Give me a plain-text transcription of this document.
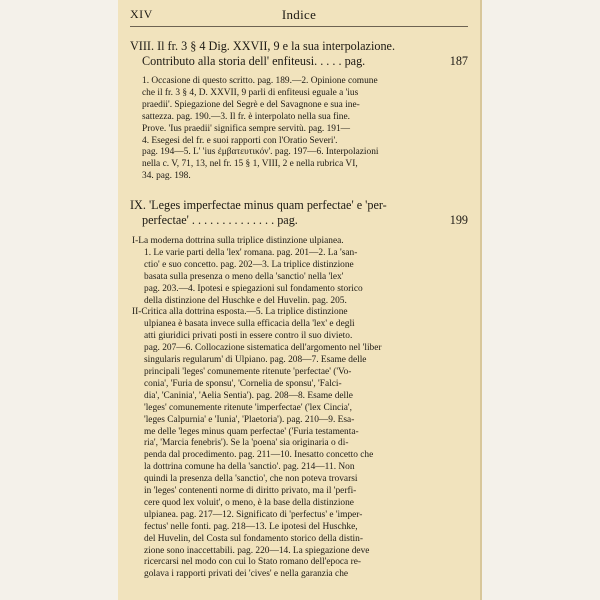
XIV	Indice
VIII. Il fr. 3 § 4 Dig. XXVII, 9 e la sua interpolazione.
Contributo alla storia dell' enfiteusi. . . . . pag.	187
1. Occasione di questo scritto. pag. 189.—2. Opinione comune
che il fr. 3 § 4, D. XXVII, 9 parli di enfiteusi eguale a 'ius
praedii'. Spiegazione del Segrè e del Savagnone e sua ine-
sattezza. pag. 190.—3. Il fr. è interpolato nella sua fine.
Prove. 'Ius praedii' significa sempre servitù. pag. 191—
4. Esegesi del fr. e suoi rapporti con l'Oratio Severi'.
pag. 194—5. L' 'ius ἐμβατευτικόν'. pag. 197—6. Interpolazioni
nella c. V, 71, 13, nel fr. 15 § 1, VIII, 2 e nella rubrica VI,
34. pag. 198.
IX. 'Leges imperfectae minus quam perfectae' e 'per-
perfectae' . . . . . . . . . . . . . . pag.	199
I-La moderna dottrina sulla triplice distinzione ulpianea.
1. Le varie parti della 'lex' romana. pag. 201—2. La 'san-
ctio' e suo concetto. pag. 202—3. La triplice distinzione
basata sulla presenza o meno della 'sanctio' nella 'lex'
pag. 203.—4. Ipotesi e spiegazioni sul fondamento storico
della distinzione del Huschke e del Huvelin. pag. 205.
II-Critica alla dottrina esposta.—5. La triplice distinzione
ulpianea è basata invece sulla efficacia della 'lex' e degli
atti giuridici privati posti in essere contro il suo divieto.
pag. 207—6. Collocazione sistematica dell'argomento nel 'liber
singularis regularum' di Ulpiano. pag. 208—7. Esame delle
principali 'leges' comunemente ritenute 'perfectae' ('Vo-
conia', 'Furia de sponsu', 'Cornelia de sponsu', 'Falci-
dia', 'Caninia', 'Aelia Sentia'). pag. 208—8. Esame delle
'leges' comunemente ritenute 'imperfectae' ('lex Cincia',
'leges Calpurnia' e 'Iunia', 'Plaetoria'). pag. 210—9. Esa-
me delle 'leges minus quam perfectae' ('Furia testamenta-
ria', 'Marcia fenebris'). Se la 'poena' sia originaria o di-
penda dal procedimento. pag. 211—10. Inesatto concetto che
la dottrina comune ha della 'sanctio'. pag. 214—11. Non
quindi la presenza della 'sanctio', che non poteva trovarsi
in 'leges' contenenti norme di diritto privato, ma il 'perfi-
cere quod lex voluit', o meno, è la base della distinzione
ulpianea. pag. 217—12. Significato di 'perfectus' e 'imper-
fectus' nelle fonti. pag. 218—13. Le ipotesi del Huschke,
del Huvelin, del Costa sul fondamento storico della distin-
zione sono inaccettabili. pag. 220—14. La spiegazione deve
ricercarsi nel modo con cui lo Stato romano dell'epoca re-
golava i rapporti privati dei 'cives' e nella garanzia che
